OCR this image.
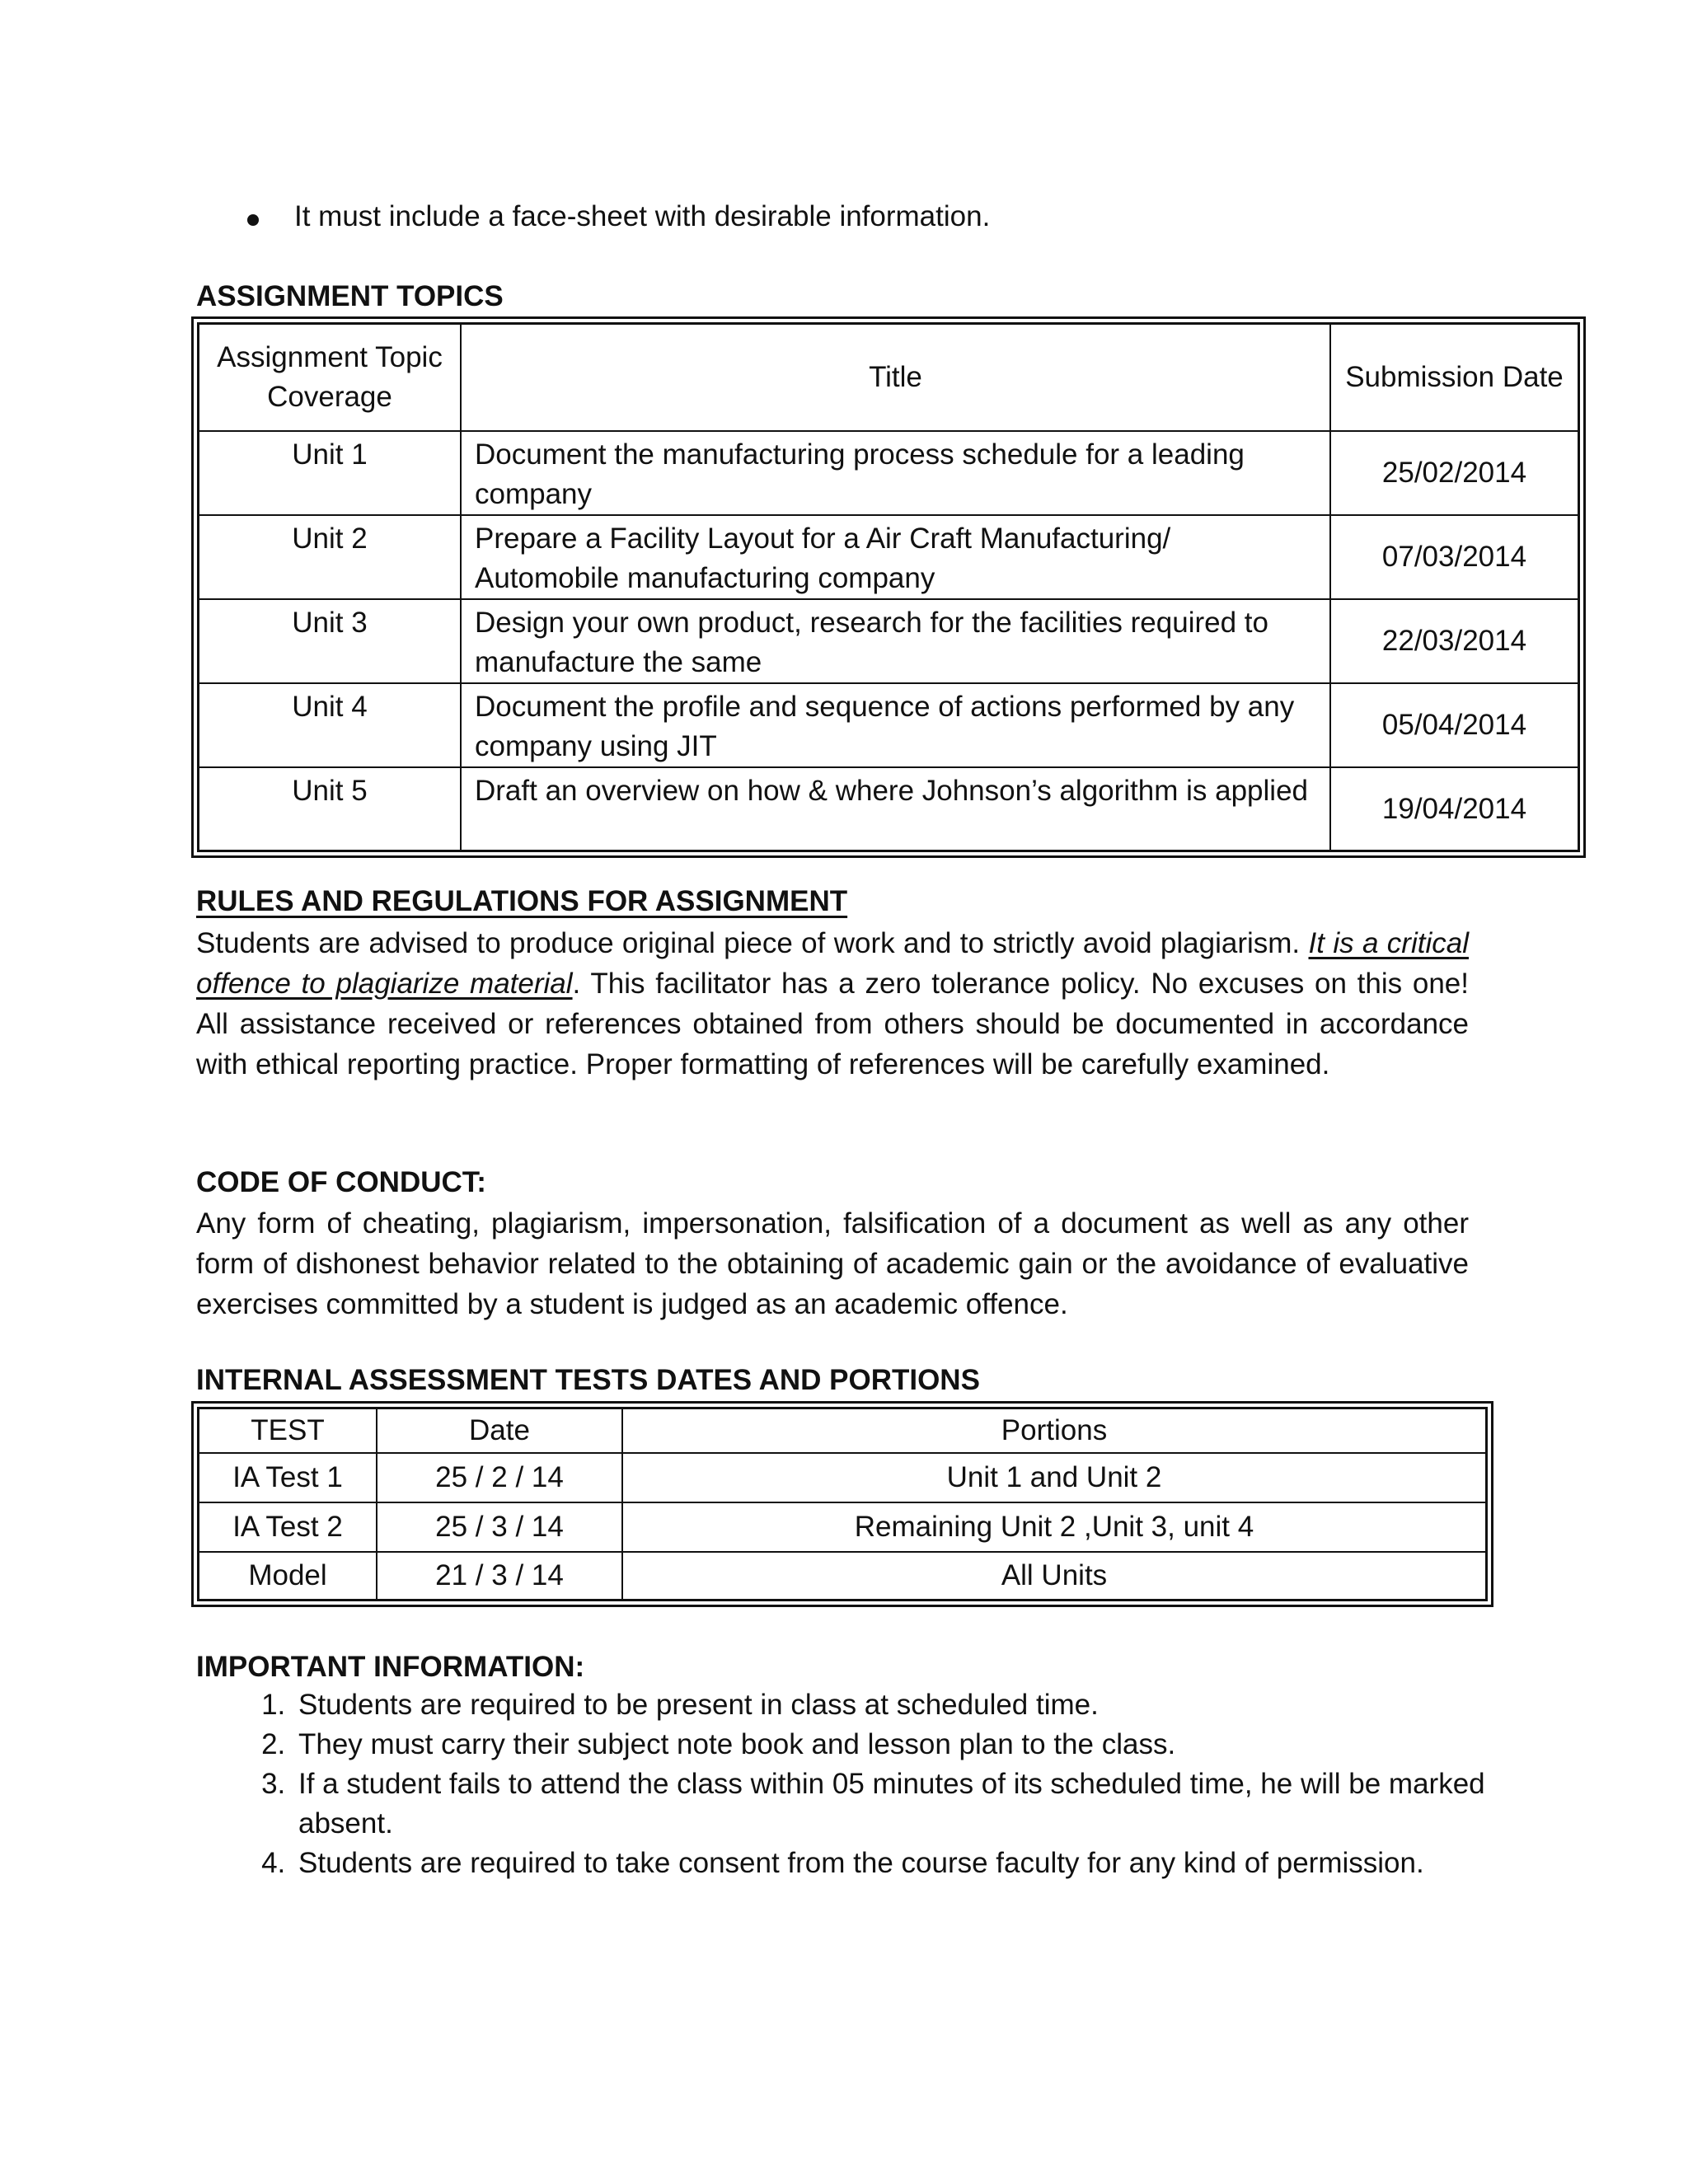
It must include a face-sheet with desirable information.
ASSIGNMENT TOPICS
Assignment Topic Coverage	Title	Submission Date
Unit 1	Document the manufacturing process schedule for a leading company	25/02/2014
Unit 2	Prepare a Facility Layout for a Air Craft Manufacturing/ Automobile manufacturing company	07/03/2014
Unit 3	Design your own product, research for the facilities required to manufacture the same	22/03/2014
Unit 4	Document the profile and sequence of actions performed by any company using JIT	05/04/2014
Unit 5	Draft an overview on how & where Johnson’s algorithm is applied	19/04/2014
RULES AND REGULATIONS FOR ASSIGNMENT
Students are advised to produce original piece of work and to strictly avoid plagiarism. It is a critical offence to plagiarize material. This facilitator has a zero tolerance policy. No excuses on this one! All assistance received or references obtained from others should be documented in accordance with ethical reporting practice. Proper formatting of references will be carefully examined.
CODE OF CONDUCT:
Any form of cheating, plagiarism, impersonation, falsification of a document as well as any other form of dishonest behavior related to the obtaining of academic gain or the avoidance of evaluative exercises committed by a student is judged as an academic offence.
INTERNAL ASSESSMENT TESTS DATES AND PORTIONS
TEST	Date	Portions
IA Test 1	25 / 2 / 14	Unit 1 and Unit 2
IA Test 2	25 / 3 / 14	Remaining Unit 2 ,Unit 3, unit 4
Model	21 / 3 / 14	All Units
IMPORTANT INFORMATION:
1. Students are required to be present in class at scheduled time.
2. They must carry their subject note book and lesson plan to the class.
3. If a student fails to attend the class within 05 minutes of its scheduled time, he will be marked absent.
4. Students are required to take consent from the course faculty for any kind of permission.
